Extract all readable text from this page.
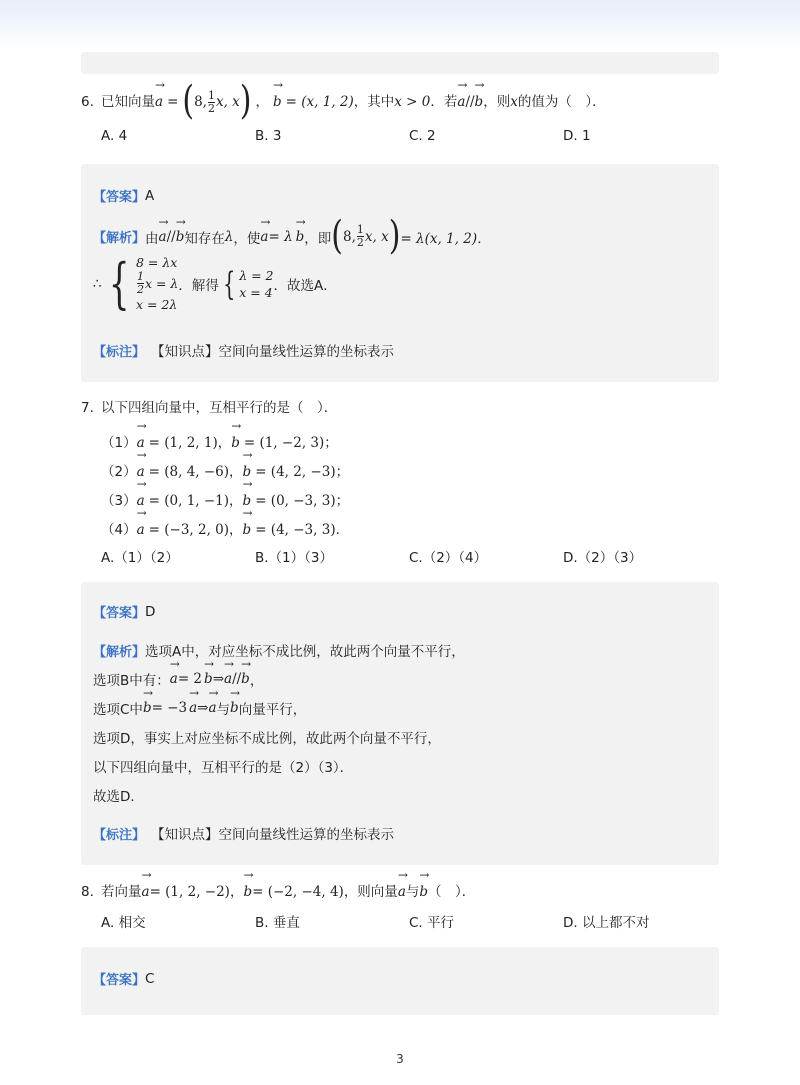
6. 已知向量 → a = ( 8, $\frac{1}{2} x$, x ) ， → b = (x, 1, 2) ，其中 x > 0 ．若 → a // → b ，则 x 的值为（　）．
A. 4	B. 3	C. 2	D. 1
【答案】 A
【解析】 由 → a // → b 知存在 λ ，使 → a = λ → b ，即 ( 8, $\frac{1}{2} x$, x ) = λ(x, 1, 2)．
∴ { 8 = λx
$\frac{1}{2}$ x = λ
x = 2λ
．解得 { λ = 2
x = 4 ．故选A．
【标注】 【知识点】空间向量线性运算的坐标表示
7. 以下四组向量中，互相平行的是（　）．
（1） → a = (1, 2, 1) ， → b = (1, −2, 3) ；
（2） → a = (8, 4, −6) ， → b = (4, 2, −3) ；
（3） → a = (0, 1, −1) ， → b = (0, −3, 3) ；
（4） → a = (−3, 2, 0) ， → b = (4, −3, 3) ．
A.（1）（2）	B.（1）（3）	C.（2）（4）	D.（2）（3）
【答案】 D
【解析】 选项A中，对应坐标不成比例，故此两个向量不平行，
选项B中有： → a = 2 → b ⇒ → a // → b ，
选项C中 → b = −3 → a ⇒ → a 与 → b 向量平行，
选项D，事实上对应坐标不成比例，故此两个向量不平行，
以下四组向量中，互相平行的是（2）（3）．
故选D．
【标注】 【知识点】空间向量线性运算的坐标表示
8. 若向量 → a = (1, 2, −2) ， → b = (−2, −4, 4) ，则向量 → a 与 → b （　）．
A. 相交	B. 垂直	C. 平行	D. 以上都不对
【答案】 C
3
